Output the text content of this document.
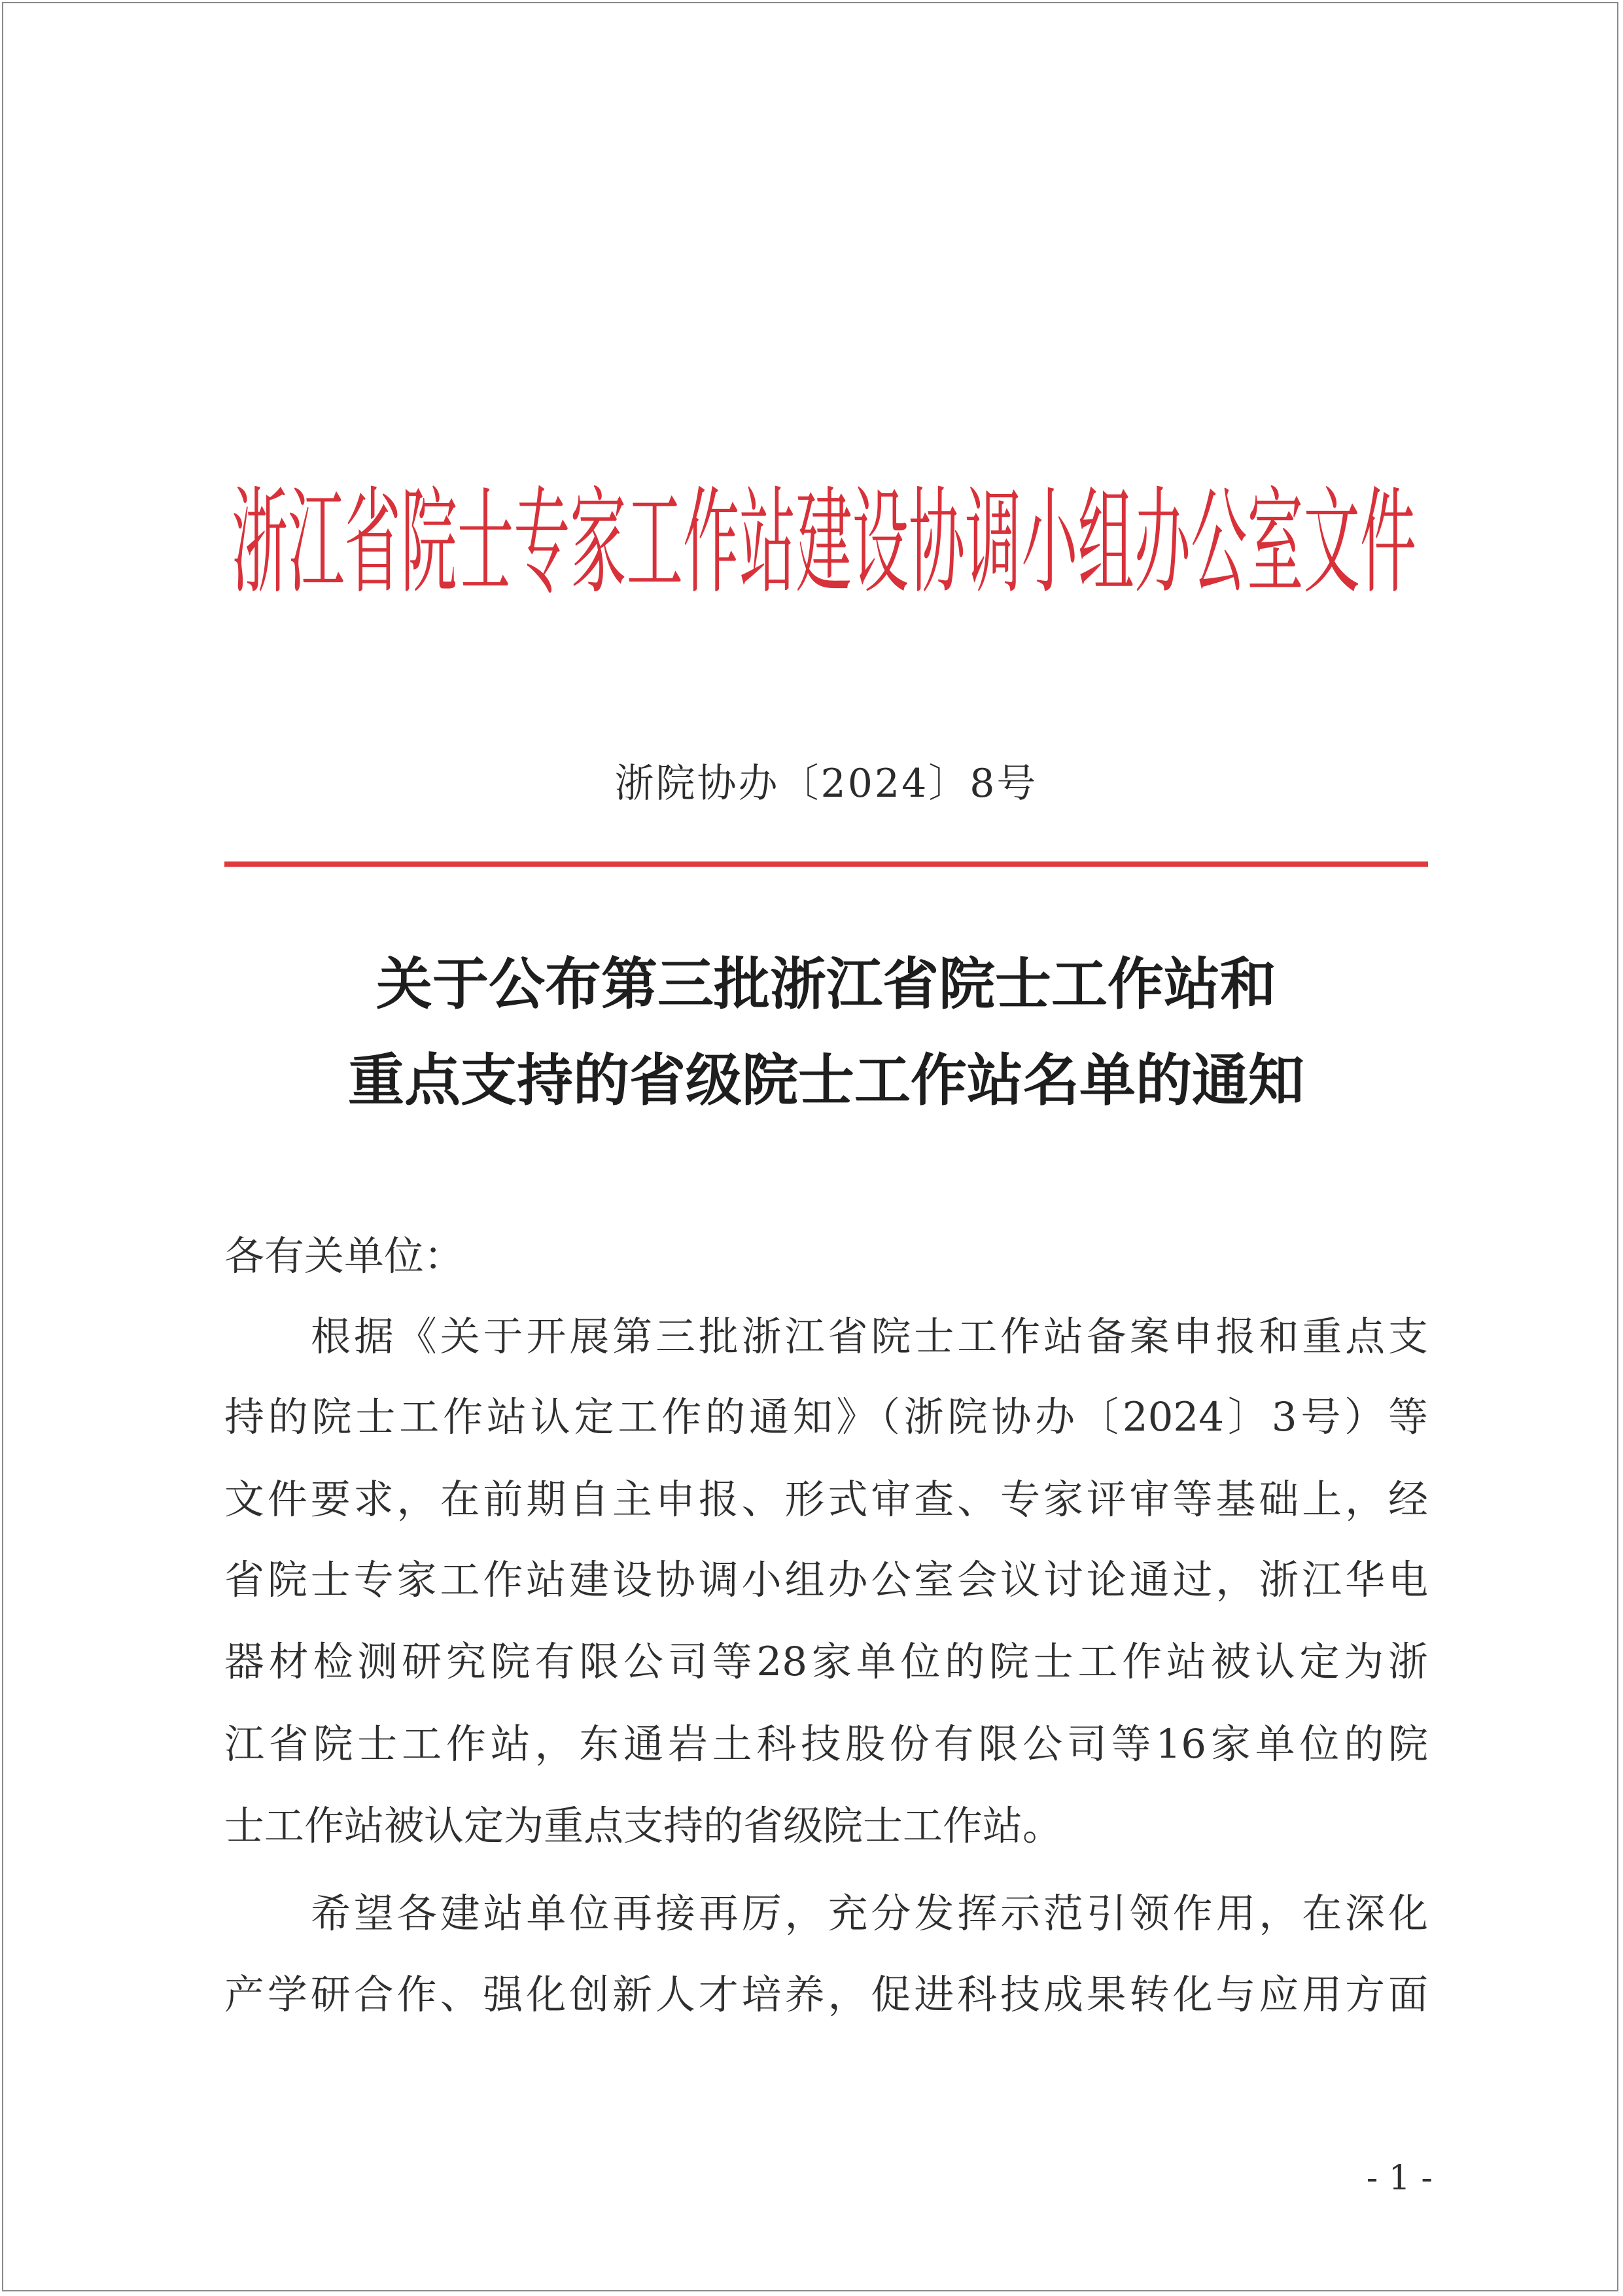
浙江省院士专家工作站建设协调小组办公室文件
浙院协办〔2024〕8号
关于公布第三批浙江省院士工作站和
重点支持的省级院士工作站名单的通知
各有关单位：
根据《关于开展第三批浙江省院士工作站备案申报和重点支
持的院士工作站认定工作的通知》（浙院协办〔2024〕3号）等
文件要求，在前期自主申报、形式审查、专家评审等基础上，经
省院士专家工作站建设协调小组办公室会议讨论通过，浙江华电
器材检测研究院有限公司等28家单位的院士工作站被认定为浙
江省院士工作站，东通岩土科技股份有限公司等16家单位的院
士工作站被认定为重点支持的省级院士工作站。
希望各建站单位再接再厉，充分发挥示范引领作用，在深化
产学研合作、强化创新人才培养，促进科技成果转化与应用方面
- 1 -
